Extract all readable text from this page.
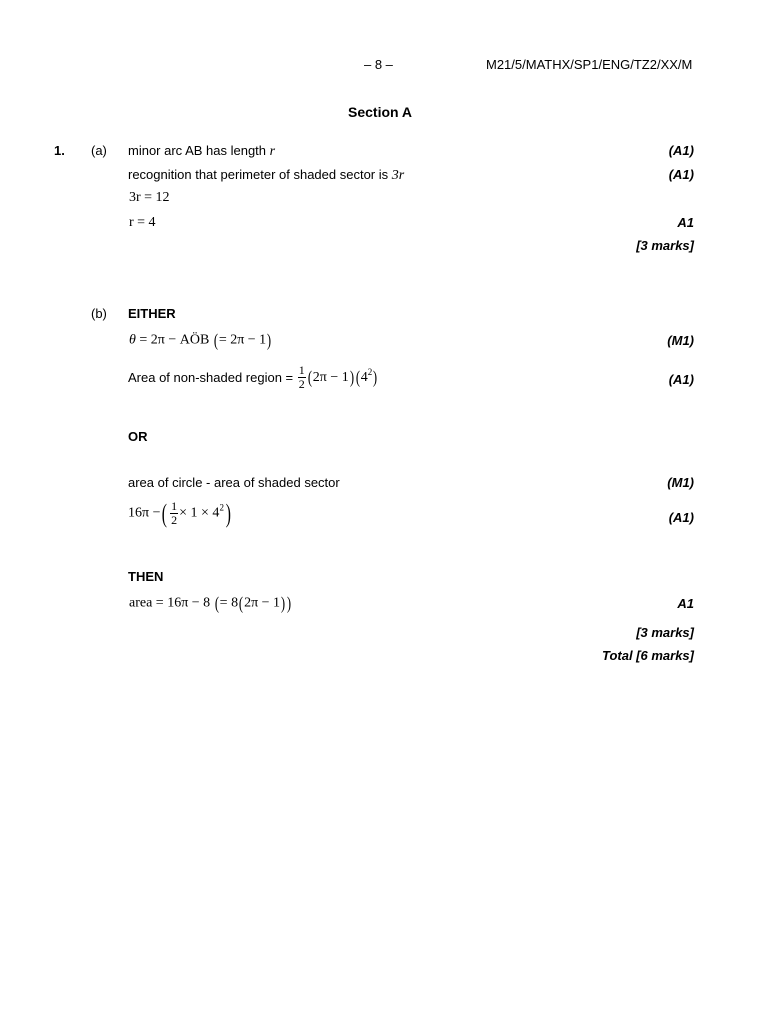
– 8 –	M21/5/MATHX/SP1/ENG/TZ2/XX/M
Section A
1. (a) minor arc AB has length r	(A1)
recognition that perimeter of shaded sector is 3r	(A1)
3r = 12
r = 4	A1
[3 marks]
(b) EITHER
θ = 2π − AÖB (= 2π − 1)	(M1)
Area of non-shaded region = $\frac{1}{2} (2\pi - 1)$ $(4^2)$	(A1)
OR
area of circle - area of shaded sector	(M1)
16π −( $\frac{1}{2} \times 1 \times 4^2$)	(A1)
THEN
area = 16π − 8 (= 8(2π − 1) )	A1
[3 marks]
Total [6 marks]
